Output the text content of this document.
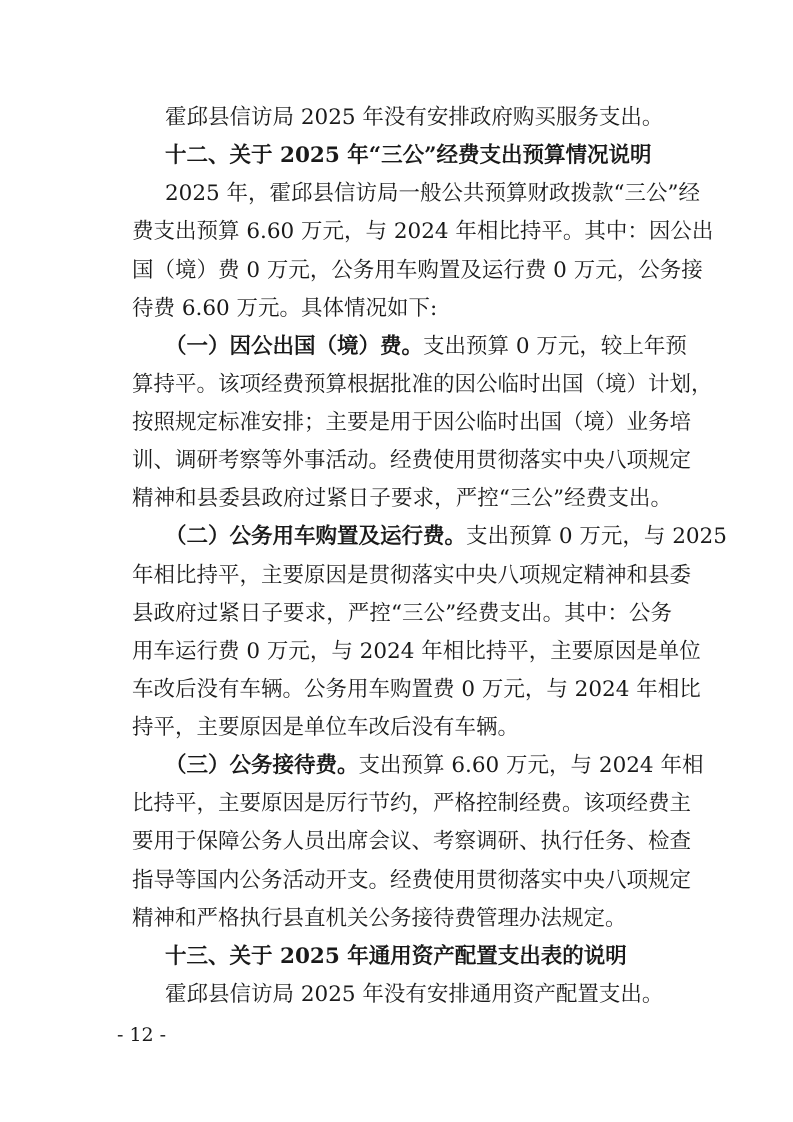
霍邱县信访局 2025 年没有安排政府购买服务支出。
十二、关于 2025 年“三公”经费支出预算情况说明
2025 年，霍邱县信访局一般公共预算财政拨款“三公”经
费支出预算 6.60 万元，与 2024 年相比持平。其中：因公出
国（境）费 0 万元，公务用车购置及运行费 0 万元，公务接
待费 6.60 万元。具体情况如下:
（一）因公出国（境）费。支出预算 0 万元，较上年预
算持平。该项经费预算根据批准的因公临时出国（境）计划，
按照规定标准安排；主要是用于因公临时出国（境）业务培
训、调研考察等外事活动。经费使用贯彻落实中央八项规定
精神和县委县政府过紧日子要求，严控“三公”经费支出。
（二）公务用车购置及运行费。支出预算 0 万元，与 2025
年相比持平，主要原因是贯彻落实中央八项规定精神和县委
县政府过紧日子要求，严控“三公”经费支出。其中：公务
用车运行费 0 万元，与 2024 年相比持平，主要原因是单位
车改后没有车辆。公务用车购置费 0 万元，与 2024 年相比
持平，主要原因是单位车改后没有车辆。
（三）公务接待费。支出预算 6.60 万元，与 2024 年相
比持平，主要原因是厉行节约，严格控制经费。该项经费主
要用于保障公务人员出席会议、考察调研、执行任务、检查
指导等国内公务活动开支。经费使用贯彻落实中央八项规定
精神和严格执行县直机关公务接待费管理办法规定。
十三、关于 2025 年通用资产配置支出表的说明
霍邱县信访局 2025 年没有安排通用资产配置支出。
- 12 -
